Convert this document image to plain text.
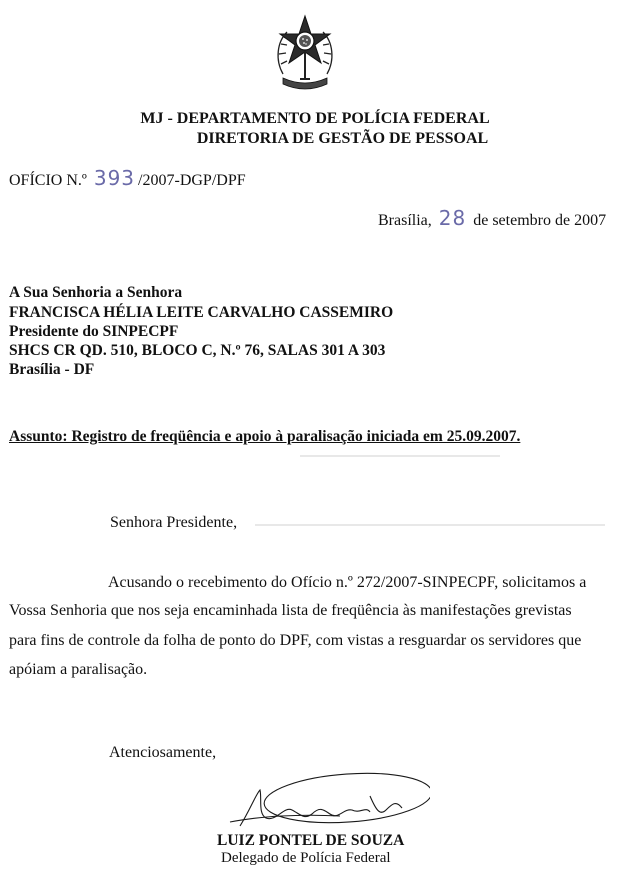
MJ - DEPARTAMENTO DE POLÍCIA FEDERAL
DIRETORIA DE GESTÃO DE PESSOAL
OFÍCIO N.º 393 /2007-DGP/DPF
Brasília, 28 de setembro de 2007
A Sua Senhoria a Senhora
FRANCISCA HÉLIA LEITE CARVALHO CASSEMIRO
Presidente do SINPECPF
SHCS CR QD. 510, BLOCO C, N.º 76, SALAS 301 A 303
Brasília - DF
Assunto: Registro de freqüência e apoio à paralisação iniciada em 25.09.2007.
Senhora Presidente,
Acusando o recebimento do Ofício n.º 272/2007-SINPECPF, solicitamos a
Vossa Senhoria que nos seja encaminhada lista de freqüência às manifestações grevistas
para fins de controle da folha de ponto do DPF, com vistas a resguardar os servidores que
apóiam a paralisação.
Atenciosamente,
LUIZ PONTEL DE SOUZA
Delegado de Polícia Federal
